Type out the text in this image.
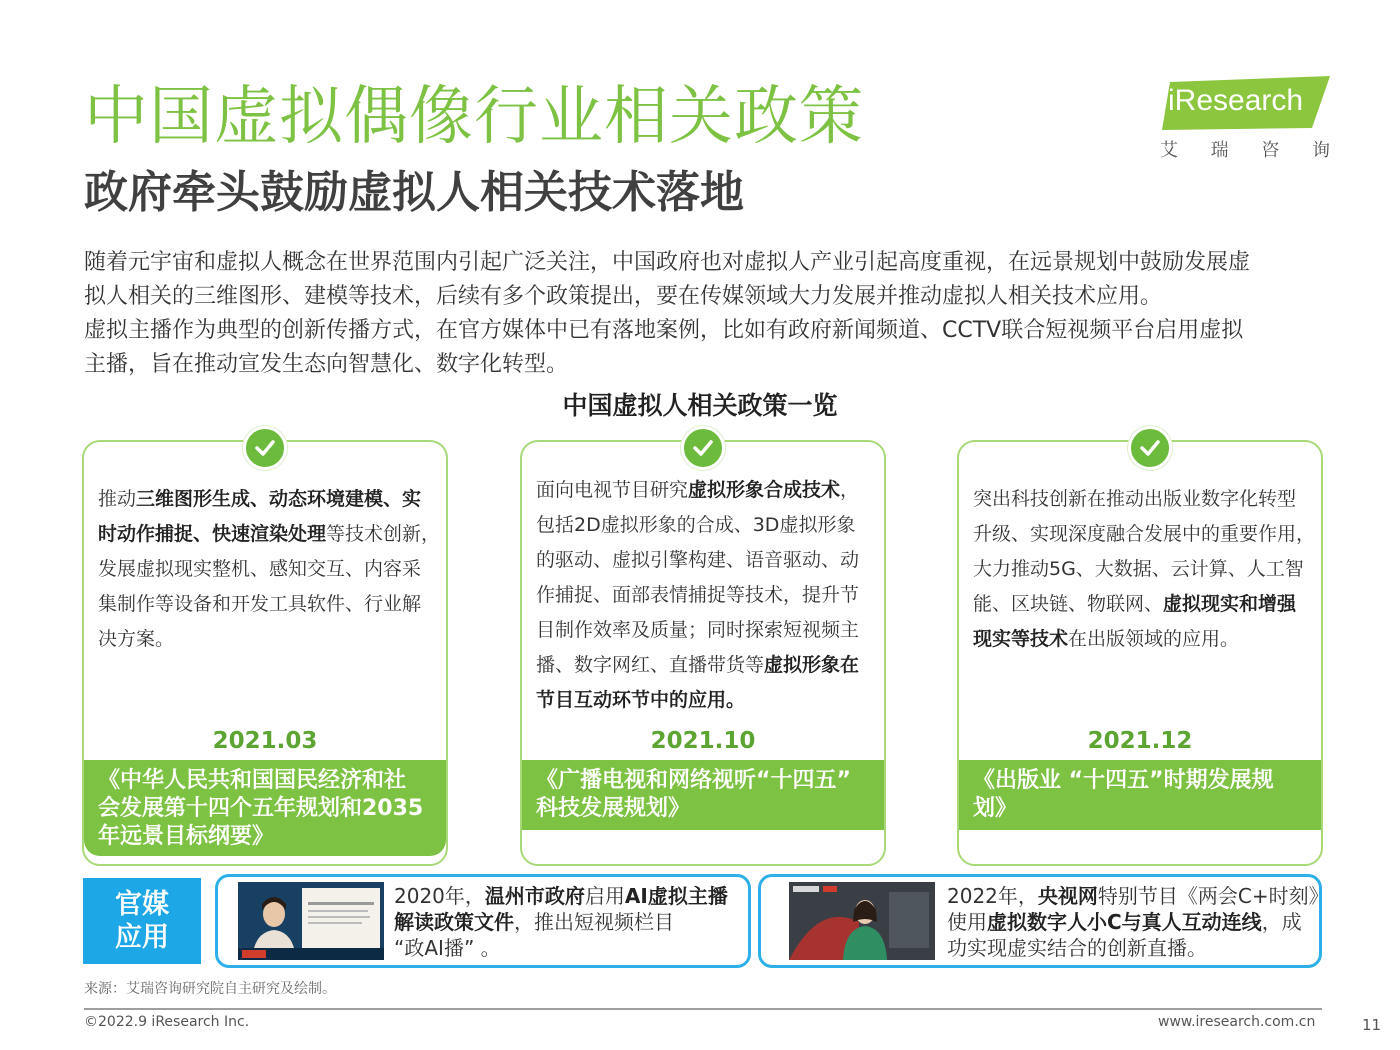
中国虚拟偶像行业相关政策
政府牵头鼓励虚拟人相关技术落地
iResearch
艾 瑞 咨 询

随着元宇宙和虚拟人概念在世界范围内引起广泛关注，中国政府也对虚拟人产业引起高度重视，在远景规划中鼓励发展虚

拟人相关的三维图形、建模等技术，后续有多个政策提出，要在传媒领域大力发展并推动虚拟人相关技术应用。

虚拟主播作为典型的创新传播方式，在官方媒体中已有落地案例，比如有政府新闻频道、CCTV联合短视频平台启用虚拟

主播，旨在推动宣发生态向智慧化、数字化转型。

中国虚拟人相关政策一览

推动三维图形生成、动态环境建模、实

时动作捕捉、快速渲染处理等技术创新，

发展虚拟现实整机、感知交互、内容采

集制作等设备和开发工具软件、行业解

决方案。

2021.03

《中华人民共和国国民经济和社

会发展第十四个五年规划和2035

年远景目标纲要》

面向电视节目研究虚拟形象合成技术，

包括2D虚拟形象的合成、3D虚拟形象

的驱动、虚拟引擎构建、语音驱动、动

作捕捉、面部表情捕捉等技术，提升节

目制作效率及质量；同时探索短视频主

播、数字网红、直播带货等虚拟形象在

节目互动环节中的应用。

2021.10

《广播电视和网络视听“十四五”

科技发展规划》

突出科技创新在推动出版业数字化转型

升级、实现深度融合发展中的重要作用，

大力推动5G、大数据、云计算、人工智

能、区块链、物联网、虚拟现实和增强

现实等技术在出版领域的应用。

2021.12

《出版业 “十四五”时期发展规

划》

官媒
应用

2020年，温州市政府启用AI虚拟主播

解读政策文件，推出短视频栏目

“政AI播” 。

2022年，央视网特别节目《两会C+时刻》

使用虚拟数字人小C与真人互动连线，成

功实现虚实结合的创新直播。

来源：艾瑞咨询研究院自主研究及绘制。
©2022.9 iResearch Inc.	www.iresearch.com.cn	11
